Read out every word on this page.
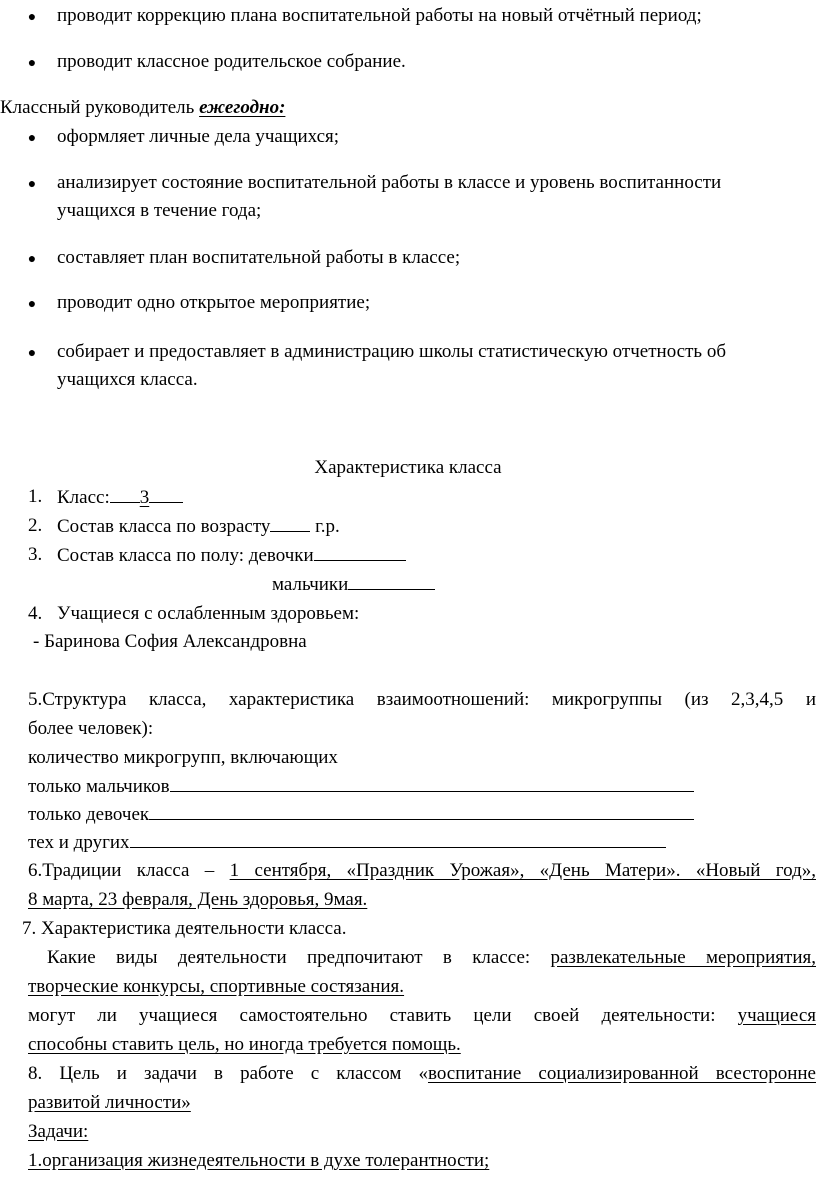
● проводит коррекцию плана воспитательной работы на новый отчётный период;
● проводит классное родительское собрание.
Классный руководитель ежегодно:
● оформляет личные дела учащихся;
● анализирует состояние воспитательной работы в классе и уровень воспитанности
учащихся в течение года;
● составляет план воспитательной работы в классе;
● проводит одно открытое мероприятие;
● собирает и предоставляет в администрацию школы статистическую отчетность об
учащихся класса.
Характеристика класса
1. Класс: 3
2. Состав класса по возрасту г.р.
3. Состав класса по полу: девочки
мальчики
4. Учащиеся с ослабленным здоровьем:
- Баринова София Александровна
5.Структура класса, характеристика взаимоотношений: микрогруппы (из 2,3,4,5 и
более человек):
количество микрогрупп, включающих
только мальчиков
только девочек
тех и других
6.Традиции класса – 1 сентября, «Праздник Урожая», «День Матери». «Новый год»,
8 марта, 23 февраля, День здоровья, 9мая.
7. Характеристика деятельности класса.
Какие виды деятельности предпочитают в классе: развлекательные мероприятия,
творческие конкурсы, спортивные состязания.
могут ли учащиеся самостоятельно ставить цели своей деятельности: учащиеся
способны ставить цель, но иногда требуется помощь.
8. Цель и задачи в работе с классом «воспитание социализированной всесторонне
развитой личности»
Задачи:
1.организация жизнедеятельности в духе толерантности;
